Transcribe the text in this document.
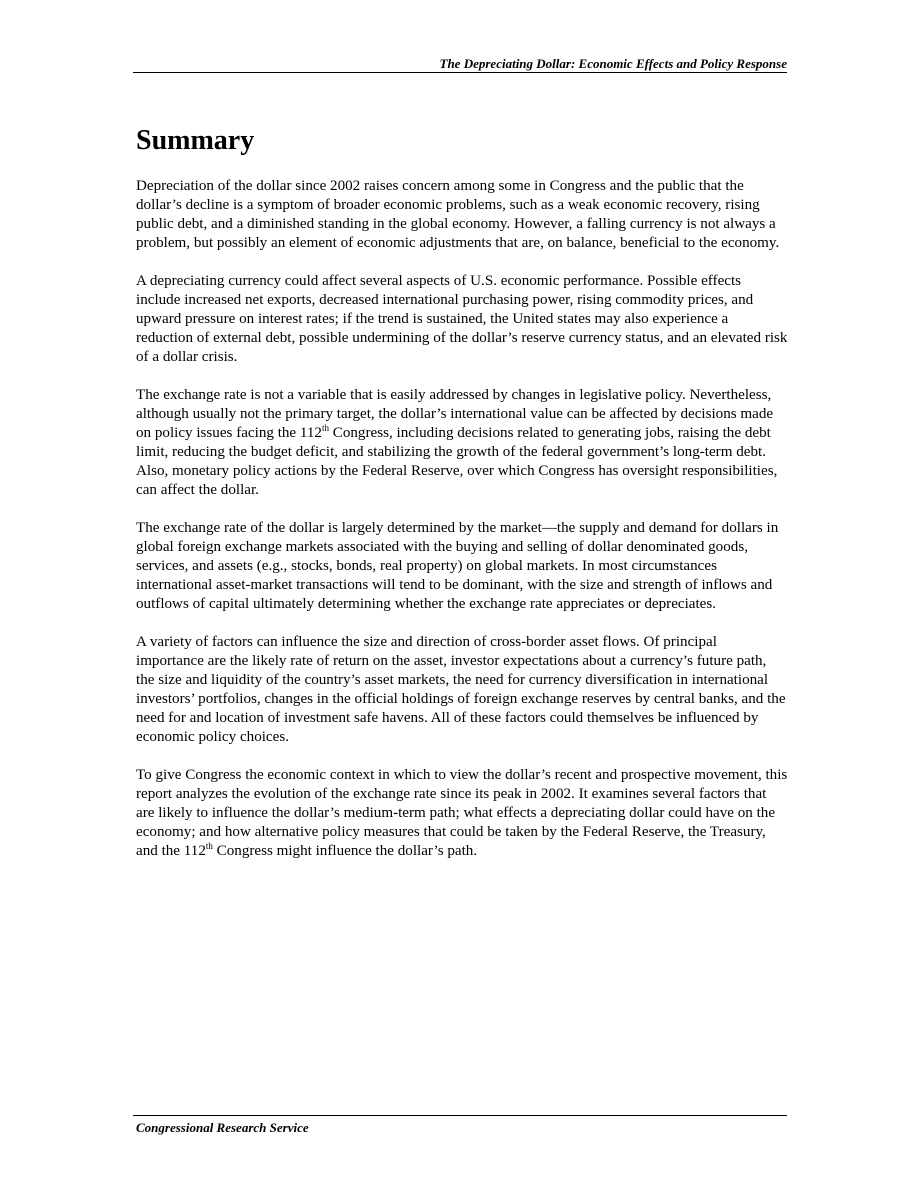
The Depreciating Dollar: Economic Effects and Policy Response
Summary

Depreciation of the dollar since 2002 raises concern among some in Congress and the public that the dollar’s decline is a symptom of broader economic problems, such as a weak economic recovery, rising public debt, and a diminished standing in the global economy. However, a falling currency is not always a problem, but possibly an element of economic adjustments that are, on balance, beneficial to the economy.

A depreciating currency could affect several aspects of U.S. economic performance. Possible effects include increased net exports, decreased international purchasing power, rising commodity prices, and upward pressure on interest rates; if the trend is sustained, the United states may also experience a reduction of external debt, possible undermining of the dollar’s reserve currency status, and an elevated risk of a dollar crisis.

The exchange rate is not a variable that is easily addressed by changes in legislative policy. Nevertheless, although usually not the primary target, the dollar’s international value can be affected by decisions made on policy issues facing the 112th Congress, including decisions related to generating jobs, raising the debt limit, reducing the budget deficit, and stabilizing the growth of the federal government’s long-term debt. Also, monetary policy actions by the Federal Reserve, over which Congress has oversight responsibilities, can affect the dollar.

The exchange rate of the dollar is largely determined by the market—the supply and demand for dollars in global foreign exchange markets associated with the buying and selling of dollar denominated goods, services, and assets (e.g., stocks, bonds, real property) on global markets. In most circumstances international asset-market transactions will tend to be dominant, with the size and strength of inflows and outflows of capital ultimately determining whether the exchange rate appreciates or depreciates.

A variety of factors can influence the size and direction of cross-border asset flows. Of principal importance are the likely rate of return on the asset, investor expectations about a currency’s future path, the size and liquidity of the country’s asset markets, the need for currency diversification in international investors’ portfolios, changes in the official holdings of foreign exchange reserves by central banks, and the need for and location of investment safe havens. All of these factors could themselves be influenced by economic policy choices.

To give Congress the economic context in which to view the dollar’s recent and prospective movement, this report analyzes the evolution of the exchange rate since its peak in 2002. It examines several factors that are likely to influence the dollar’s medium-term path; what effects a depreciating dollar could have on the economy; and how alternative policy measures that could be taken by the Federal Reserve, the Treasury, and the 112th Congress might influence the dollar’s path.

Congressional Research Service
